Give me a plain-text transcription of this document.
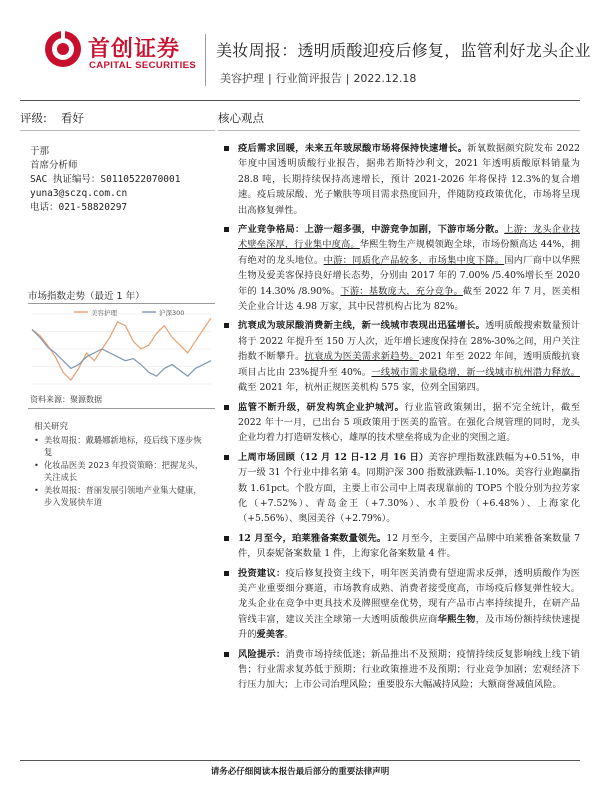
首创证券
CAPITAL SECURITIES
美妆周报：透明质酸迎疫后修复，监管利好龙头企业
美容护理 | 行业简评报告 | 2022.12.18
评级: 看好
于那
首席分析师
SAC 执证编号：S0110522070001
yuna3@sczq.com.cn
电话：021-58820297
市场指数走势（最近 1 年）
美容护理	沪深300
资料来源：聚源数据
相关研究
• 美妆周报：戴璐娜新地标，疫后线下逐步恢复
• 化妆品医美 2023 年投资策略：把握龙头，关注成长
• 美妆周报：普丽发展引领地产业集大健康，步入发展快车道
核心观点
疫后需求回暖，未来五年玻尿酸市场将保持快速增长。新氧数据颜究院发布 2022 年度中国透明质酸行业报告，据弗若斯特沙利文，2021 年透明质酸原料销量为 28.8 吨，长期持续保持高速增长，预计 2021-2026 年将保持 12.3%的复合增速。疫后玻尿酸、光子嫩肤等项目需求热度回升，伴随防疫政策优化，市场将呈现出高修复弹性。
产业竞争格局：上游一超多强，中游竞争加剧，下游市场分散。上游：龙头企业技术壁垒深厚，行业集中度高。华熙生物生产规模领跑全球，市场份额高达 44%，拥有绝对的龙头地位。中游：同质化产品较多，市场集中度下降。国内厂商中以华熙生物及爱美客保持良好增长态势，分别由 2017 年的 7.00% /5.40%增长至 2020 年的 14.30% /8.90%。下游：基数庞大，充分竞争。截至 2022 年 7 月，医美相关企业合计达 4.98 万家，其中民营机构占比为 82%。
抗衰成为玻尿酸消费新主线，新一线城市表现出迅猛增长。透明质酸搜索数量预计将于 2022 年提升至 150 万人次，近年增长速度保持在 28%-30%之间，用户关注指数不断攀升。抗衰成为医美需求新趋势。2021 年至 2022 年间，透明质酸抗衰项目占比由 23%提升至 40%。一线城市需求量稳增，新一线城市杭州潜力释放。截至 2021 年，杭州正规医美机构 575 家，位列全国第四。
监管不断升级，研发构筑企业护城河。行业监管政策频出，据不完全统计，截至 2022 年十一月，已出台 5 项政策用于医美的监管。在强化合规管理的同时，龙头企业均着力打造研发核心，雄厚的技术壁垒将成为企业的突围之道。
上周市场回顾（12 月 12 日-12 月 16 日）美容护理指数涨跌幅为+0.51%，申万一级 31 个行业中排名第 4。同期沪深 300 指数涨跌幅-1.10%。美容行业跑赢指数 1.61pct。个股方面，主要上市公司中上周表现靠前的 TOP5 个股分别为拉芳家化（+7.52%）、青岛金王（+7.30%）、水羊股份（+6.48%）、上海家化（+5.56%）、奥园美谷（+2.79%）。
12 月至今，珀莱雅备案数量领先。12 月至今，主要国产品牌中珀莱雅备案数量 7 件，贝泰妮备案数量 1 件，上海家化备案数量 4 件。
投资建议：疫后修复投资主线下，明年医美消费有望迎需求反弹，透明质酸作为医美产业重要细分赛道，市场教育成熟、消费者接受度高，市场疫后修复弹性较大。龙头企业在竞争中更具技术及牌照壁垒优势，现有产品市占率持续提升，在研产品管线丰富，建议关注全球第一大透明质酸供应商华熙生物，及市场份额持续快速提升的爱美客。
风险提示：消费市场持续低迷；新品推出不及预期；疫情持续反复影响线上线下销售；行业需求复苏低于预期；行业政策推进不及预期；行业竞争加剧；宏观经济下行压力加大；上市公司治理风险；重要股东大幅减持风险；大额商誉减值风险。
请务必仔细阅读本报告最后部分的重要法律声明
